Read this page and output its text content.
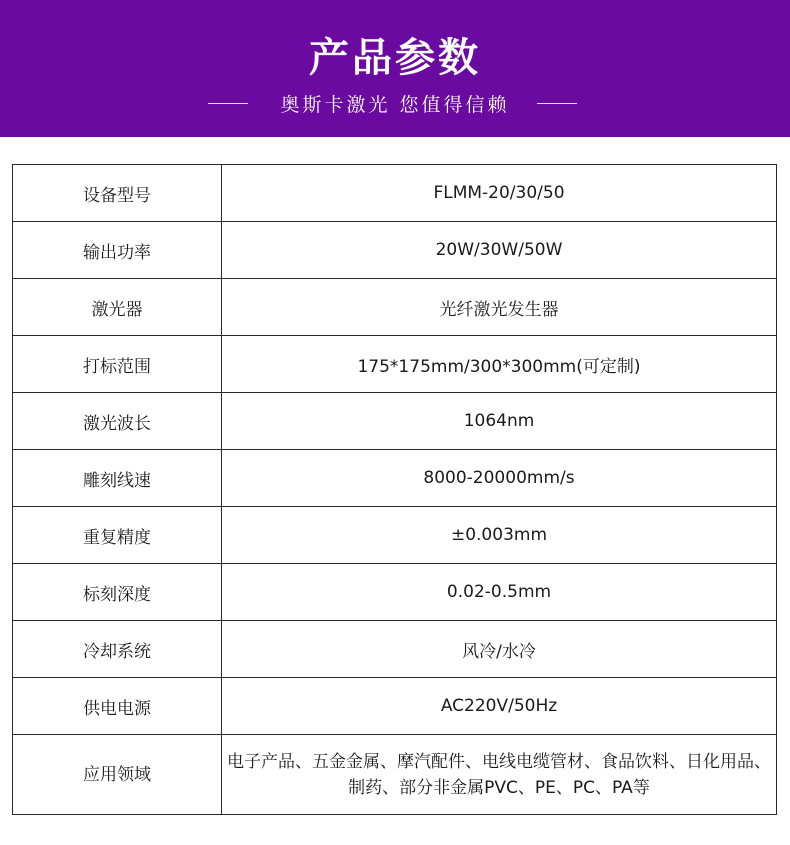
产品参数
奥斯卡激光 您值得信赖
设备型号	FLMM-20/30/50
输出功率	20W/30W/50W
激光器	光纤激光发生器
打标范围	175*175mm/300*300mm(可定制)
激光波长	1064nm
雕刻线速	8000-20000mm/s
重复精度	±0.003mm
标刻深度	0.02-0.5mm
冷却系统	风冷/水冷
供电电源	AC220V/50Hz
应用领域	电子产品、五金金属、摩汽配件、电线电缆管材、食品饮料、日化用品、制药、部分非金属PVC、PE、PC、PA等
